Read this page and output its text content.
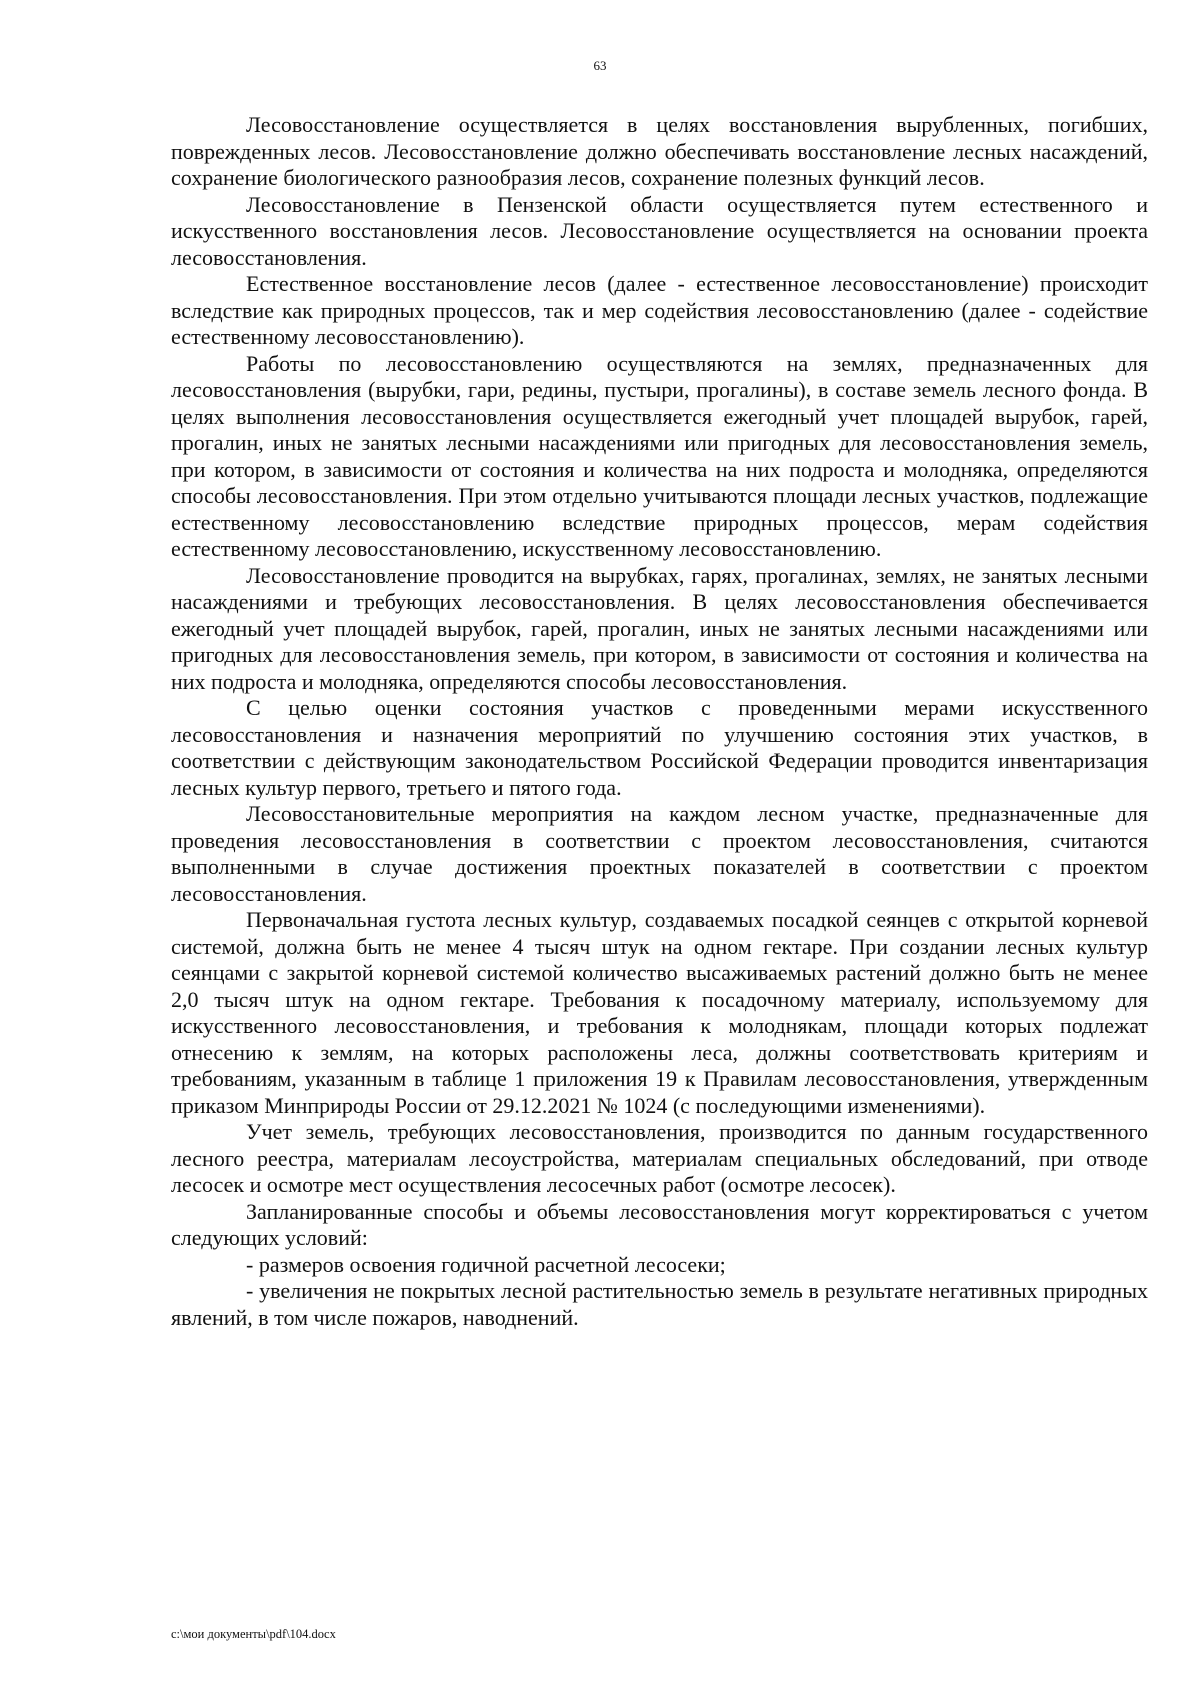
63

Лесовосстановление осуществляется в целях восстановления вырубленных, погибших, поврежденных лесов. Лесовосстановление должно обеспечивать восстановление лесных насаждений, сохранение биологического разнообразия лесов, сохранение полезных функций лесов.

Лесовосстановление в Пензенской области осуществляется путем естественного и искусственного восстановления лесов. Лесовосстановление осуществляется на основании проекта лесовосстановления.

Естественное восстановление лесов (далее - естественное лесовосстановление) происходит вследствие как природных процессов, так и мер содействия лесовосстановлению (далее - содействие естественному лесовосстановлению).

Работы по лесовосстановлению осуществляются на землях, предназначенных для лесовосстановления (вырубки, гари, редины, пустыри, прогалины), в составе земель лесного фонда. В целях выполнения лесовосстановления осуществляется ежегодный учет площадей вырубок, гарей, прогалин, иных не занятых лесными насаждениями или пригодных для лесовосстановления земель, при котором, в зависимости от состояния и количества на них подроста и молодняка, определяются способы лесовосстановления. При этом отдельно учитываются площади лесных участков, подлежащие естественному лесовосстановлению вследствие природных процессов, мерам содействия естественному лесовосстановлению, искусственному лесовосстановлению.

Лесовосстановление проводится на вырубках, гарях, прогалинах, землях, не занятых лесными насаждениями и требующих лесовосстановления. В целях лесовосстановления обеспечивается ежегодный учет площадей вырубок, гарей, прогалин, иных не занятых лесными насаждениями или пригодных для лесовосстановления земель, при котором, в зависимости от состояния и количества на них подроста и молодняка, определяются способы лесовосстановления.

С целью оценки состояния участков с проведенными мерами искусственного лесовосстановления и назначения мероприятий по улучшению состояния этих участков, в соответствии с действующим законодательством Российской Федерации проводится инвентаризация лесных культур первого, третьего и пятого года.

Лесовосстановительные мероприятия на каждом лесном участке, предназначенные для проведения лесовосстановления в соответствии с проектом лесовосстановления, считаются выполненными в случае достижения проектных показателей в соответствии с проектом лесовосстановления.

Первоначальная густота лесных культур, создаваемых посадкой сеянцев с открытой корневой системой, должна быть не менее 4 тысяч штук на одном гектаре. При создании лесных культур сеянцами с закрытой корневой системой количество высаживаемых растений должно быть не менее 2,0 тысяч штук на одном гектаре. Требования к посадочному материалу, используемому для искусственного лесовосстановления, и требования к молоднякам, площади которых подлежат отнесению к землям, на которых расположены леса, должны соответствовать критериям и требованиям, указанным в таблице 1 приложения 19 к Правилам лесовосстановления, утвержденным приказом Минприроды России от 29.12.2021 № 1024 (с последующими изменениями).

Учет земель, требующих лесовосстановления, производится по данным государственного лесного реестра, материалам лесоустройства, материалам специальных обследований, при отводе лесосек и осмотре мест осуществления лесосечных работ (осмотре лесосек).

Запланированные способы и объемы лесовосстановления могут корректироваться с учетом следующих условий:

- размеров освоения годичной расчетной лесосеки;

- увеличения не покрытых лесной растительностью земель в результате негативных природных явлений, в том числе пожаров, наводнений.

c:\мои документы\pdf\104.docx
